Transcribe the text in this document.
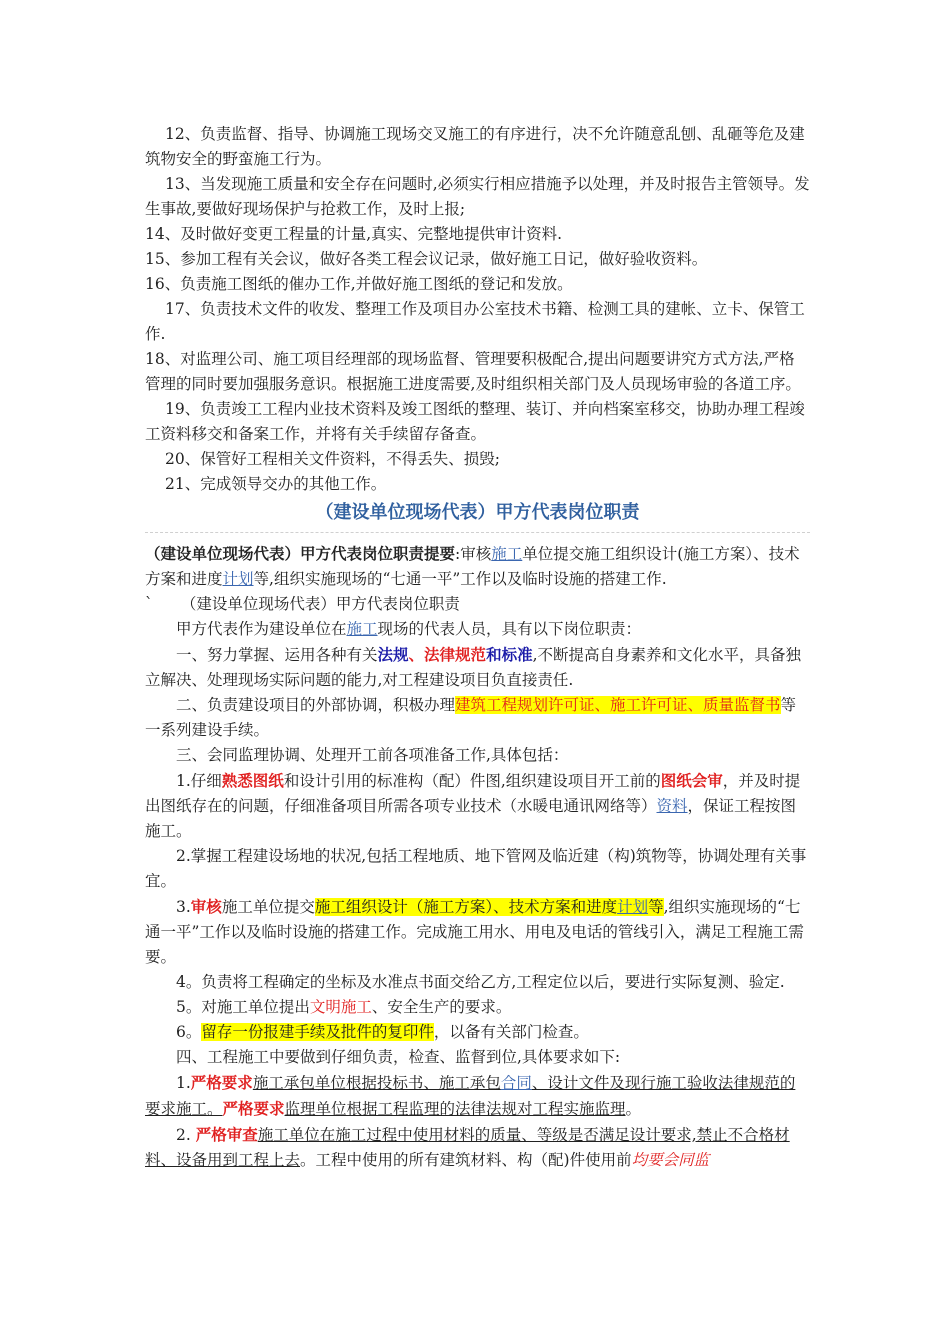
12、负责监督、指导、协调施工现场交叉施工的有序进行，决不允许随意乱刨、乱砸等危及建筑物安全的野蛮施工行为。

13、当发现施工质量和安全存在问题时,必须实行相应措施予以处理，并及时报告主管领导。发生事故,要做好现场保护与抢救工作，及时上报;

14、及时做好变更工程量的计量,真实、完整地提供审计资料.

15、参加工程有关会议，做好各类工程会议记录，做好施工日记，做好验收资料。

16、负责施工图纸的催办工作,并做好施工图纸的登记和发放。

17、负责技术文件的收发、整理工作及项目办公室技术书籍、检测工具的建帐、立卡、保管工作.

18、对监理公司、施工项目经理部的现场监督、管理要积极配合,提出问题要讲究方式方法,严格管理的同时要加强服务意识。根据施工进度需要,及时组织相关部门及人员现场审验的各道工序。

19、负责竣工工程内业技术资料及竣工图纸的整理、装订、并向档案室移交，协助办理工程竣工资料移交和备案工作，并将有关手续留存备查。

20、保管好工程相关文件资料，不得丢失、损毁;

21、完成领导交办的其他工作。

（建设单位现场代表）甲方代表岗位职责

（建设单位现场代表）甲方代表岗位职责提要:审核施工单位提交施工组织设计(施工方案）、技术方案和进度计划等,组织实施现场的“七通一平”工作以及临时设施的搭建工作.

` 　　（建设单位现场代表）甲方代表岗位职责

甲方代表作为建设单位在施工现场的代表人员，具有以下岗位职责：

一、努力掌握、运用各种有关法规、法律规范和标准,不断提高自身素养和文化水平，具备独立解决、处理现场实际问题的能力,对工程建设项目负直接责任.

二、负责建设项目的外部协调，积极办理建筑工程规划许可证、施工许可证、质量监督书等一系列建设手续。

三、会同监理协调、处理开工前各项准备工作,具体包括：

1.仔细熟悉图纸和设计引用的标准构（配）件图,组织建设项目开工前的图纸会审，并及时提出图纸存在的问题，仔细准备项目所需各项专业技术（水暖电通讯网络等）资料，保证工程按图施工。

2.掌握工程建设场地的状况,包括工程地质、地下管网及临近建（构)筑物等，协调处理有关事宜。

3.审核施工单位提交施工组织设计（施工方案）、技术方案和进度计划等,组织实施现场的“七通一平”工作以及临时设施的搭建工作。完成施工用水、用电及电话的管线引入，满足工程施工需要。

4。负责将工程确定的坐标及水准点书面交给乙方,工程定位以后，要进行实际复测、验定.

5。对施工单位提出文明施工、安全生产的要求。

6。留存一份报建手续及批件的复印件，以备有关部门检查。

四、工程施工中要做到仔细负责，检查、监督到位,具体要求如下:

1.严格要求施工承包单位根据投标书、施工承包合同、设计文件及现行施工验收法律规范的要求施工。严格要求监理单位根据工程监理的法律法规对工程实施监理。

2. 严格审查施工单位在施工过程中使用材料的质量、等级是否满足设计要求,禁止不合格材料、设备用到工程上去。工程中使用的所有建筑材料、构（配)件使用前均要会同监
